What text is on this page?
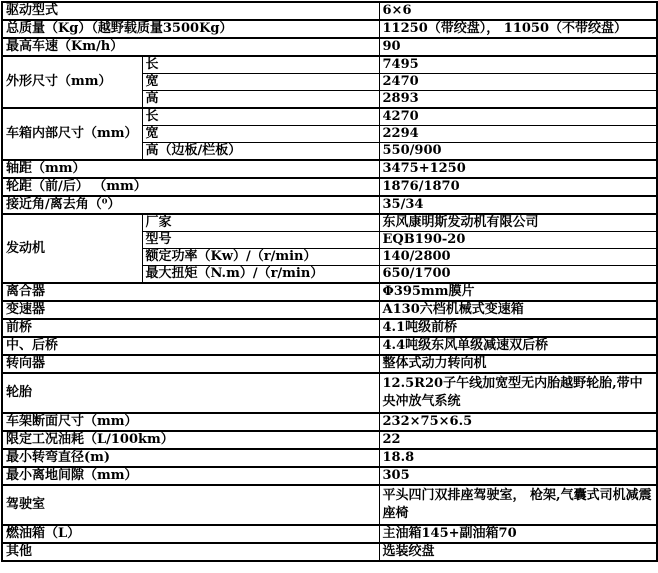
驱动型式		6×6
总质量（Kg）（越野载质量3500Kg）		11250（带绞盘）， 11050（不带绞盘）
最高车速（Km/h）		90
外形尺寸（mm）	长	7495
	宽	2470
	高	2893
车箱内部尺寸（mm）	长	4270
	宽	2294
	高（边板/栏板）	550/900
轴距（mm）		3475+1250
轮距（前/后） （mm）		1876/1870
接近角/离去角（⁰）		35/34
发动机	厂家	东风康明斯发动机有限公司
	型号	EQB190-20
	额定功率（Kw）/（r/min）	140/2800
	最大扭矩（N.m）/（r/min）	650/1700
离合器		Φ395mm膜片
变速器		A130六档机械式变速箱
前桥		4.1吨级前桥
中、后桥		4.4吨级东风单级减速双后桥
转向器		整体式动力转向机
轮胎		12.5R20子午线加宽型无内胎越野轮胎,带中央冲放气系统
车架断面尺寸（mm）		232×75×6.5
限定工况油耗（L/100km）		22
最小转弯直径(m)		18.8
最小离地间隙（mm）		305
驾驶室		平头四门双排座驾驶室， 枪架,气囊式司机减震座椅
燃油箱（L）		主油箱145+副油箱70
其他		选装绞盘
